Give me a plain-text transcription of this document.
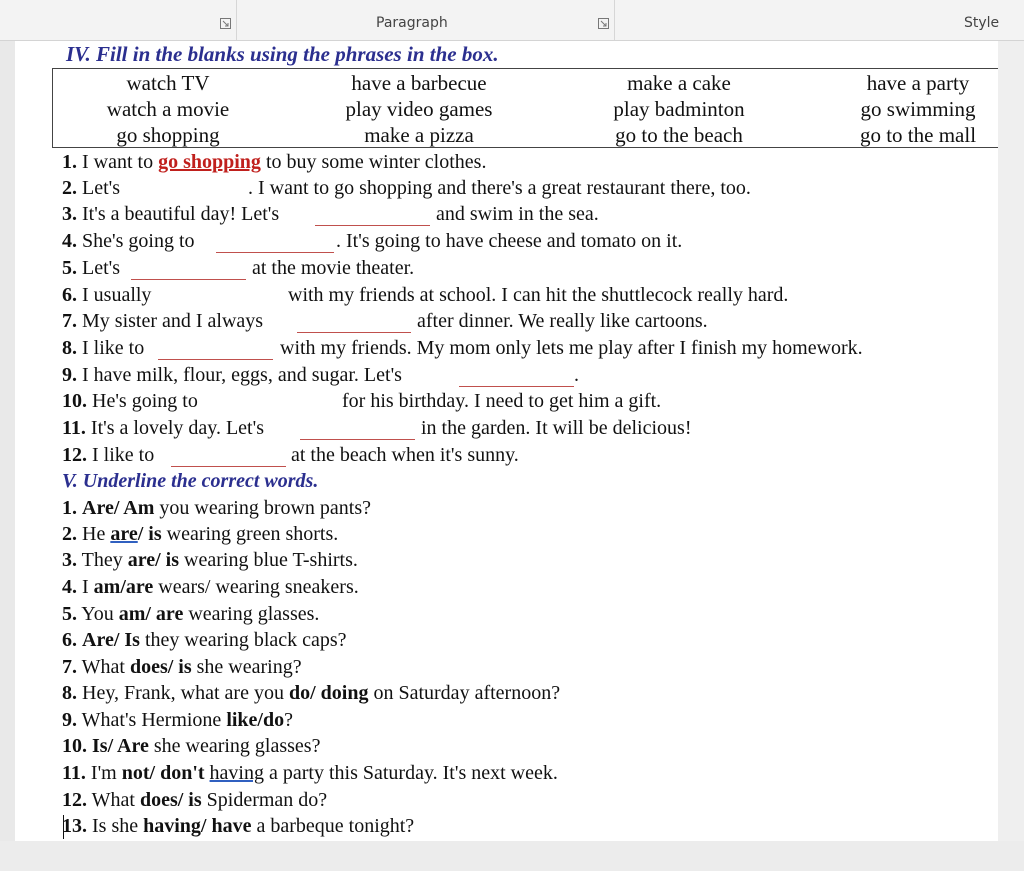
Paragraph	Style
IV. Fill in the blanks using the phrases in the box.
watch TV	have a barbecue	make a cake	have a party
watch a movie	play video games	play badminton	go swimming
go shopping	make a pizza	go to the beach	go to the mall
1. I want to go shopping to buy some winter clothes.
2. Let's	. I want to go shopping and there's a great restaurant there, too.
3. It's a beautiful day! Let's	and swim in the sea.
4. She's going to	. It's going to have cheese and tomato on it.
5. Let's	at the movie theater.
6. I usually	with my friends at school. I can hit the shuttlecock really hard.
7. My sister and I always	after dinner. We really like cartoons.
8. I like to	with my friends. My mom only lets me play after I finish my homework.
9. I have milk, flour, eggs, and sugar. Let's	.
10. He's going to	for his birthday. I need to get him a gift.
11. It's a lovely day. Let's	in the garden. It will be delicious!
12. I like to	at the beach when it's sunny.
V. Underline the correct words.
1. Are/ Am you wearing brown pants?
2. He are/ is wearing green shorts.
3. They are/ is wearing blue T-shirts.
4. I am/are wears/ wearing sneakers.
5. You am/ are wearing glasses.
6. Are/ Is they wearing black caps?
7. What does/ is she wearing?
8. Hey, Frank, what are you do/ doing on Saturday afternoon?
9. What's Hermione like/do?
10. Is/ Are she wearing glasses?
11. I'm not/ don't having a party this Saturday. It's next week.
12. What does/ is Spiderman do?
13. Is she having/ have a barbeque tonight?
